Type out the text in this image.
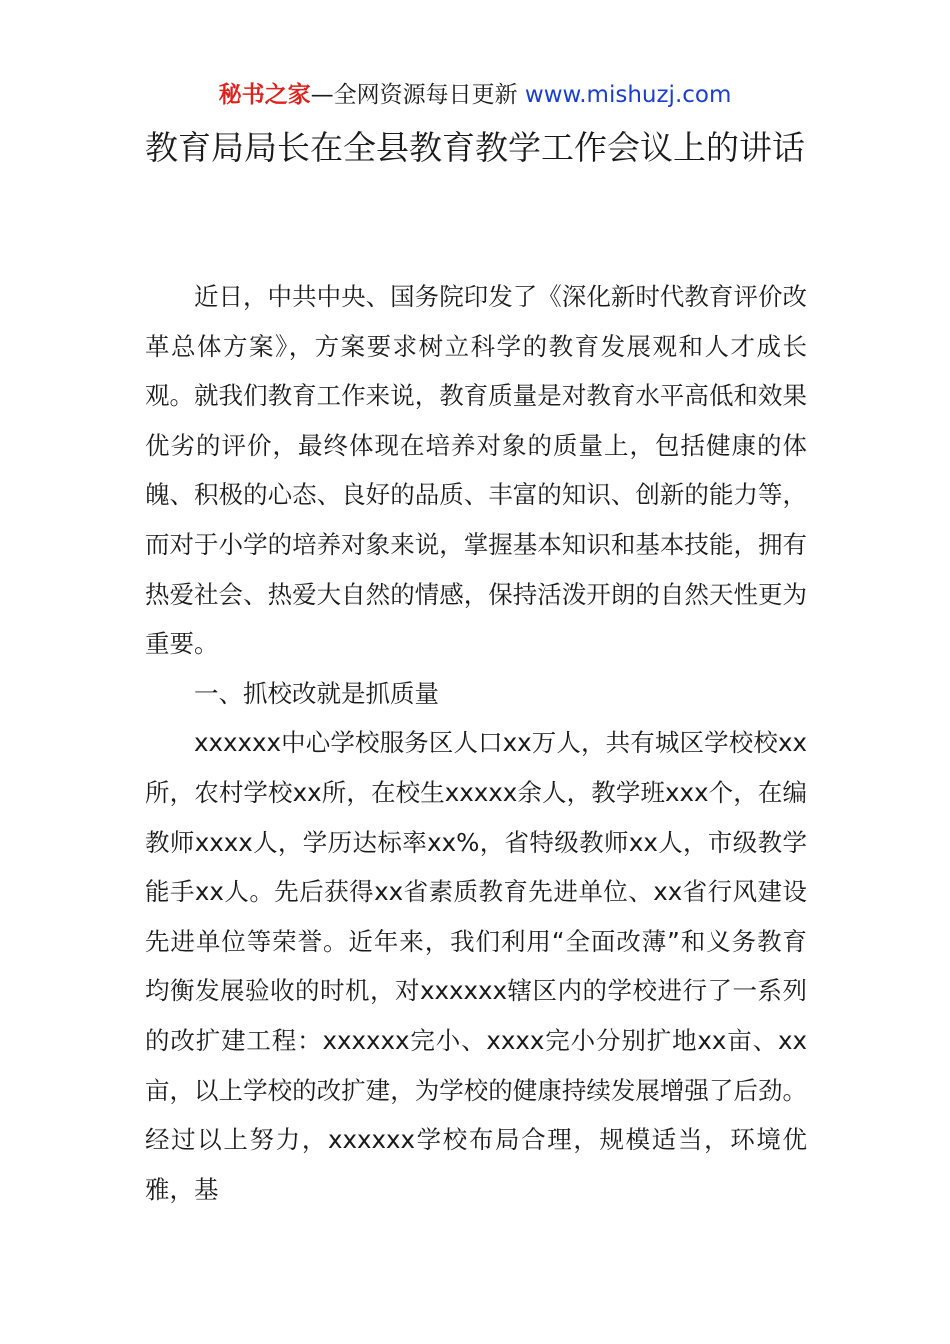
秘书之家—全网资源每日更新 www.mishuzj.com
教育局局长在全县教育教学工作会议上的讲话

近日，中共中央、国务院印发了《深化新时代教育评价改革总体方案》，方案要求树立科学的教育发展观和人才成长观。就我们教育工作来说，教育质量是对教育水平高低和效果优劣的评价，最终体现在培养对象的质量上，包括健康的体魄、积极的心态、良好的品质、丰富的知识、创新的能力等，而对于小学的培养对象来说，掌握基本知识和基本技能，拥有热爱社会、热爱大自然的情感，保持活泼开朗的自然天性更为重要。

一、抓校改就是抓质量

xxxxxx中心学校服务区人口xx万人，共有城区学校校xx所，农村学校xx所，在校生xxxxx余人，教学班xxx个，在编教师xxxx人，学历达标率xx%，省特级教师xx人，市级教学能手xx人。先后获得xx省素质教育先进单位、xx省行风建设先进单位等荣誉。近年来，我们利用“全面改薄”和义务教育均衡发展验收的时机，对xxxxxx辖区内的学校进行了一系列的改扩建工程：xxxxxx完小、xxxx完小分别扩地xx亩、xx亩，以上学校的改扩建，为学校的健康持续发展增强了后劲。经过以上努力，xxxxxx学校布局合理，规模适当，环境优雅，基
